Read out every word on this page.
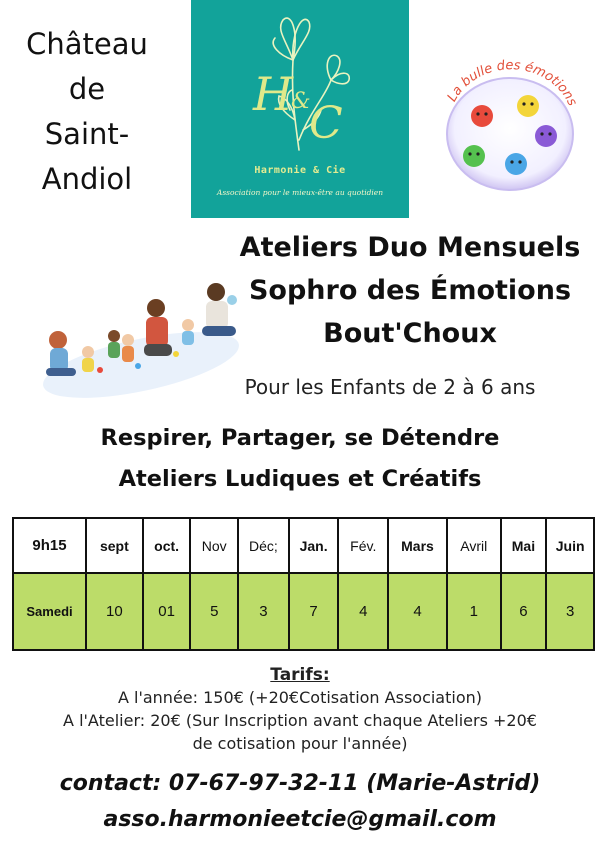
Château
de
Saint-
Andiol
H
C
&
Harmonie & Cie
Association pour le mieux-être au quotidien
La bulle des émotions
Ateliers Duo Mensuels
Sophro des Émotions
Bout'Choux
Pour les Enfants de 2 à 6 ans
Respirer, Partager, se Détendre
Ateliers Ludiques et Créatifs
9h15	sept	oct.	Nov	Déc;	Jan.	Fév.	Mars	Avril	Mai	Juin
Samedi	10	01	5	3	7	4	4	1	6	3
Tarifs:
A l'année: 150€ (+20€Cotisation Association)
A l'Atelier: 20€ (Sur Inscription avant chaque Ateliers +20€
de cotisation pour l'année)
contact: 07-67-97-32-11 (Marie-Astrid)
asso.harmonieetcie@gmail.com
